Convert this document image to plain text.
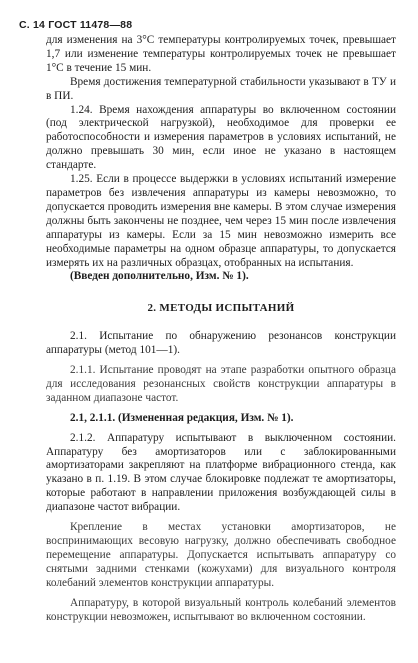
С. 14 ГОСТ 11478—88

для изменения на 3°С температуры контролируемых точек, превышает 1,7 или изменение температуры контролируемых точек не превышает 1°С в течение 15 мин.

Время достижения температурной стабильности указывают в ТУ и в ПИ.

1.24. Время нахождения аппаратуры во включенном состоянии (под электрической нагрузкой), необходимое для проверки ее работоспособности и измерения параметров в условиях испытаний, не должно превышать 30 мин, если иное не указано в настоящем стандарте.

1.25. Если в процессе выдержки в условиях испытаний измерение параметров без извлечения аппаратуры из камеры невозможно, то допускается проводить измерения вне камеры. В этом случае измерения должны быть закончены не позднее, чем через 15 мин после извлечения аппаратуры из камеры. Если за 15 мин невозможно измерить все необходимые параметры на одном образце аппаратуры, то допускается измерять их на различных образцах, отобранных на испытания.

(Введен дополнительно, Изм. № 1).

2. МЕТОДЫ ИСПЫТАНИЙ

2.1. Испытание по обнаружению резонансов конструкции аппаратуры (метод 101—1).

2.1.1. Испытание проводят на этапе разработки опытного образца для исследования резонансных свойств конструкции аппаратуры в заданном диапазоне частот.

2.1, 2.1.1. (Измененная редакция, Изм. № 1).

2.1.2. Аппаратуру испытывают в выключенном состоянии. Аппаратуру без амортизаторов или с заблокированными амортизаторами закрепляют на платформе вибрационного стенда, как указано в п. 1.19. В этом случае блокировке подлежат те амортизаторы, которые работают в направлении приложения возбуждающей силы в диапазоне частот вибрации.

Крепление в местах установки амортизаторов, не воспринимающих весовую нагрузку, должно обеспечивать свободное перемещение аппаратуры. Допускается испытывать аппаратуру со снятыми задними стенками (кожухами) для визуального контроля колебаний элементов конструкции аппаратуры.

Аппаратуру, в которой визуальный контроль колебаний элементов конструкции невозможен, испытывают во включенном состоянии.
